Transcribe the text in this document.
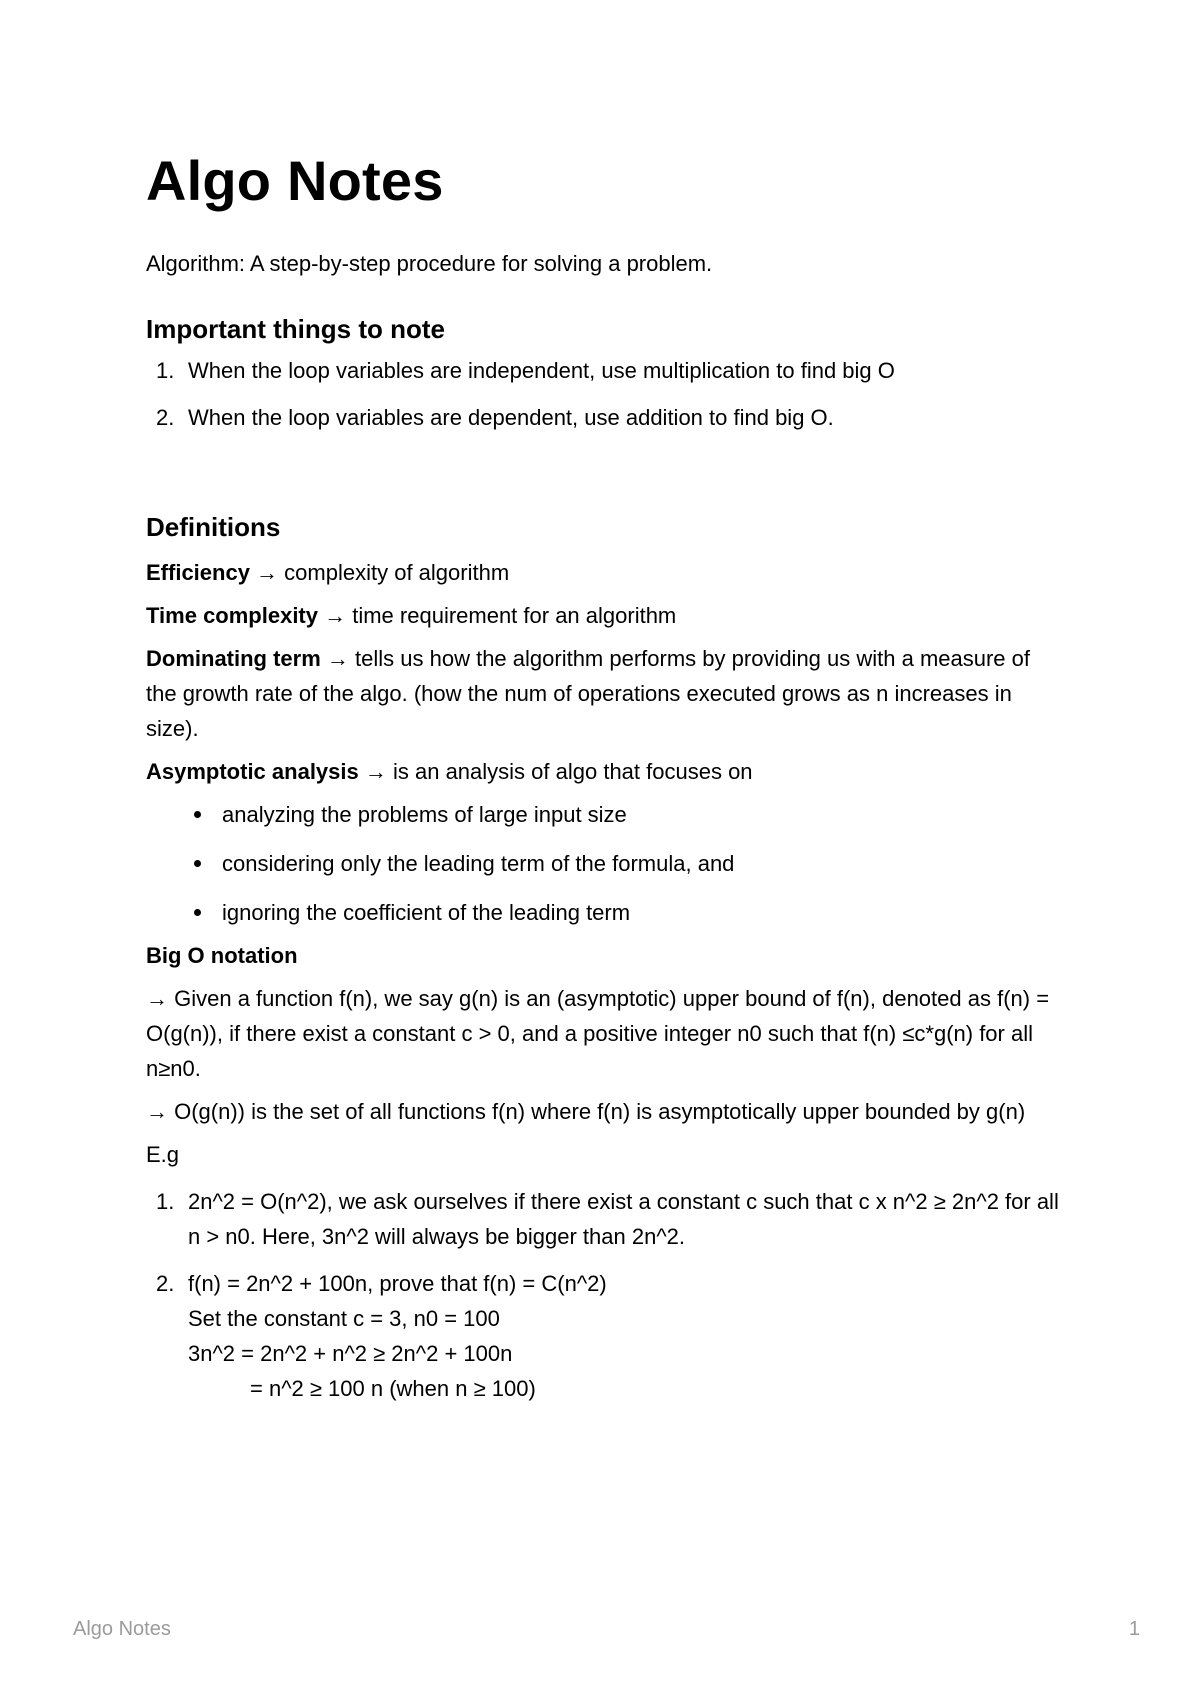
Algo Notes

Algorithm: A step-by-step procedure for solving a problem.

Important things to note
1. When the loop variables are independent, use multiplication to find big O
2. When the loop variables are dependent, use addition to find big O.
Definitions

Efficiency → complexity of algorithm

Time complexity → time requirement for an algorithm

Dominating term → tells us how the algorithm performs by providing us with a measure of the growth rate of the algo. (how the num of operations executed grows as n increases in size).

Asymptotic analysis → is an analysis of algo that focuses on

analyzing the problems of large input size
considering only the leading term of the formula, and
ignoring the coefficient of the leading term

Big O notation

→ Given a function f(n), we say g(n) is an (asymptotic) upper bound of f(n), denoted as f(n) = O(g(n)), if there exist a constant c > 0, and a positive integer n0 such that f(n) ≤c*g(n) for all n≥n0.

→ O(g(n)) is the set of all functions f(n) where f(n) is asymptotically upper bounded by g(n)

E.g

1. 2n^2 = O(n^2), we ask ourselves if there exist a constant c such that c x n^2 ≥ 2n^2 for all n > n0. Here, 3n^2 will always be bigger than 2n^2.
2. f(n) = 2n^2 + 100n, prove that f(n) = C(n^2)
Set the constant c = 3, n0 = 100
3n^2 = 2n^2 + n^2 ≥ 2n^2 + 100n
= n^2 ≥ 100 n (when n ≥ 100)
Algo Notes	1
